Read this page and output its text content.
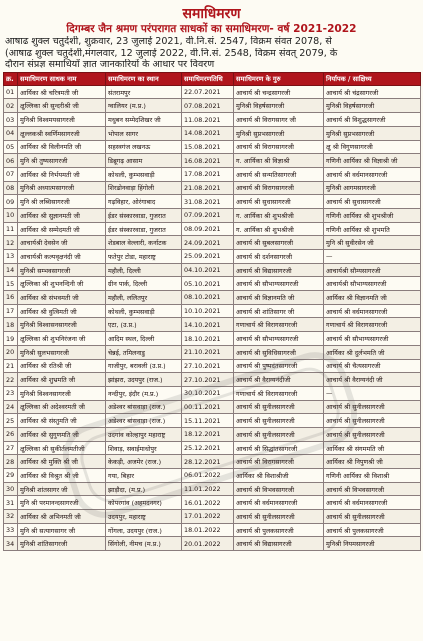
समाधिमरण
दिगम्बर जैन श्रमण परंपरागत साधकों का समाधिमरण- वर्ष 2021-2022
आषाढ शुक्ल चतुर्दशी, शुक्रवार, 23 जुलाई 2021, वी.नि.सं. 2547, विक्रम संवत 2078, से
(आषाढ शुक्ल चतुर्दशी,मंगलवार, 12 जुलाई 2022, वी.नि.सं. 2548, विक्रम संवत् 2079, के
दौरान संप्रज्ञ समाधियाँ ज्ञात जानकारियों के आधार पर विवरण
क्र.	समाधिमरण साधक नाम	समाधिमरण का स्थान	समाधिमरणतिथि	समाधिमरण के गुरु	निर्यापक / साक्षिध्य
01	आर्यिका श्री चरित्रमती जी	संतरामपुर	22.07.2021	आचार्य श्री चन्द्रसागरजी	आचार्य श्री चंद्रसागरजी
02	क्षुल्लिका श्री सुन्दरीश्री जी	ग्वालियर (म.प्र.)	07.08.2021	मुनिश्री विहर्षसागरजी	मुनिश्री विहर्षसागरजी
03	मुनिश्री विश्वमयसागरजी	मधुबन सम्मेदशिखर जी	11.08.2021	आचार्य श्री विरागसागर जी	आचार्य श्री विशुद्धसागरजी
04	क्षुल्लकश्री स्वर्णिमसागरजी	भोपाल सागर	14.08.2021	मुनिश्री सुप्रभसागरजी	मुनिश्री सुप्रभसागरजी
05	आर्यिका श्री विलीनमति जी	सहस्त्रगंज लखनऊ	15.08.2021	आचार्य श्री विरागसागरजी	क्षु श्री विगुणसागरजी
06	मुनि श्री तुष्यसागरजी	डिब्रूगढ़ आसाम	16.08.2021	ग. आर्यिका श्री विज्ञाश्री	गणिनी आर्यिका श्री विज्ञाश्री जी
07	आर्यिका श्री निर्भयमती जी	कोथली, कुम्भसवाड़ी	17.08.2021	आचार्य श्री सन्मतिसागरजी	आचार्य श्री वर्धमानसागरजी
08	मुनिश्री अध्यात्मसागरजी	शिरढोनवाड़ा हिंगोली	21.08.2021	आचार्य श्री विरागसागरजी	मुनिश्री आगमसागरजी
09	मुनि श्री लब्धिसागरजी	गढ़विहार, ओरंगाबाद	31.08.2021	आचार्य श्री सुधासागरजी	आचार्य श्री सुधासागरजी
10	आर्यिका श्री सुज्ञानमती जी	ईडर संस्कारवाडा, गुजरात	07.09.2021	ग. आर्यिका श्री शुभश्रीजी	गणिनी आर्यिका श्री शुभश्रीजी
11	आर्यिका श्री सम्मेदमती जी	ईडर संस्कारवाडा, गुजरात	08.09.2021	ग. आर्यिका श्री शुभश्रीजी	गणिनी आर्यिका श्री शुभमति
12	आचार्यश्री देवसेन जी	शेडबाल वेल्लारी, कर्नाटक	24.09.2021	आचार्य श्री सुबलसागरजी	मुनि श्री सुवीरसेन जी
13	आचार्यश्री कल्पवृक्षनंदी जी	फतेपुर टोडा, महाराष्ट्र	25.09.2021	आचार्य श्री दर्शनसागरजी	—
14	मुनिश्री सम्भवसागरजी	महौली, दिल्ली	04.10.2021	आचार्य श्री विद्यासागरजी	आचार्यश्री सौम्यसागरजी
15	क्षुल्लिका श्री शुभनन्दिनी जी	ग्रीन पार्क, दिल्ली	05.10.2021	आचार्य श्री सौभाग्यसागरजी	आचार्यश्री सौभाग्यसागरजी
16	आर्यिका श्री संभवमती जी	महौली, ललितपुर	08.10.2021	आचार्य श्री विज्ञानमति जी	आर्यिका श्री विज्ञानमति जी
17	आर्यिका श्री वुत्विमती जी	कोथली, कुम्भसवाड़ी	10.10.2021	आचार्य श्री शांतिसागर जी	आचार्य श्री वर्धमानसागरजी
18	मुनिश्री विश्वासनसागरजी	एटा, (उ.प्र.)	14.10.2021	गणाचार्य श्री विरागसागरजी	गणाचार्य श्री विरागसागरजी
19	क्षुल्लिका श्री शुभनिरंजना जी	आदिम स्थल, दिल्ली	18.10.2021	आचार्य श्री सौभाग्यसागरजी	आचार्य श्री सौभाग्यसागरजी
20	मुनिश्री सुलभसागरजी	चेन्नई, तमिलनाडु	21.10.2021	आचार्य श्री सुविधिसागरजी	आर्यिका श्री दुर्लभमति जी
21	आर्यिका श्री रतिश्री जी	गाजीपुर, बरावली (उ.प्र.)	27.10.2021	आचार्य श्री पुष्पदंतसागरजी	आचार्य श्री चैत्यसागरजी
22	आर्यिका श्री शुभ्रमति जी	झांझरा, उदयपुर (राज.)	27.10.2021	आचार्य श्री वैराग्यनंदीजी	आचार्य श्री वैराग्यनंदी जी
23	मुनिश्री विश्वनसागरजी	नन्दीपुर, इंदौर (म.प्र.)	30.10.2021	गणाचार्य श्री विरागसागरजी	—
24	क्षुल्लिका श्री अदेश्वरमती जी	अडेश्वर बांसवाड़ा (राज.)	00.11.2021	आचार्य श्री सुनीलसागरजी	आचार्य श्री सुनीलसागरजी
25	आर्यिका श्री संस्तुमति जी	अडेश्वर बांसवाड़ा (राज.)	15.11.2021	आचार्य श्री सुनीलसागरजी	आचार्य श्री सुनीलसागरजी
26	आर्यिका श्री सुगुणमति जी	उदगांव कोल्हापुर महाराष्ट्र	18.12.2021	आचार्य श्री सुनीलसागरजी	आचार्य श्री सुनीलसागरजी
27	क्षुल्लिका श्री सुकीर्तलमतीजी	शिवाड़, सवाईमाधोपुर	25.12.2021	आचार्य श्री सिद्धांतसागरजी	आर्यिका श्री संगममति जी
28	आर्यिका श्री मुक्ति श्री जी	केकड़ी, अजमेर (राज.)	28.12.2021	आचार्य श्री विरागसागरजी	आर्यिका श्री निपुणश्री जी
29	आर्यिका श्री विश्रुत श्री जी	गया, बिहार	06.01.2022	आर्यिका श्री विशाश्रीजी	गणिनी आर्यिका श्री विशाश्री
30	मुनिश्री शांतसागर जी	झाड़ौदा, (म.प्र.)	11.01.2022	आचार्य श्री विभवसागरजी	आचार्य श्री विभवसागरजी
31	मुनि श्री परमानन्दसागरजी	कोपरगांव (अहमदनगर)	16.01.2022	आचार्य श्री वर्धमानसागरजी	आचार्य श्री वर्धमानसागरजी
32	आर्यिका श्री अभिनमती जी	उदयपुर, महाराष्ट्र	17.01.2022	आचार्य श्री सुनीलसागरजी	आचार्य श्री सुनीलसागरजी
33	मुनि श्री सत्यागसागर जी	गोंगला, उदयपुर (राज.)	18.01.2022	आचार्य श्री पुलकसागरजी	आचार्य श्री पुलकसागरजी
34	मुनिश्री शांतिसागरजी	सिंगोली, नीमच (म.प्र.)	20.01.2022	आचार्य श्री विद्यासागरजी	मुनिश्री नियमसागरजी
